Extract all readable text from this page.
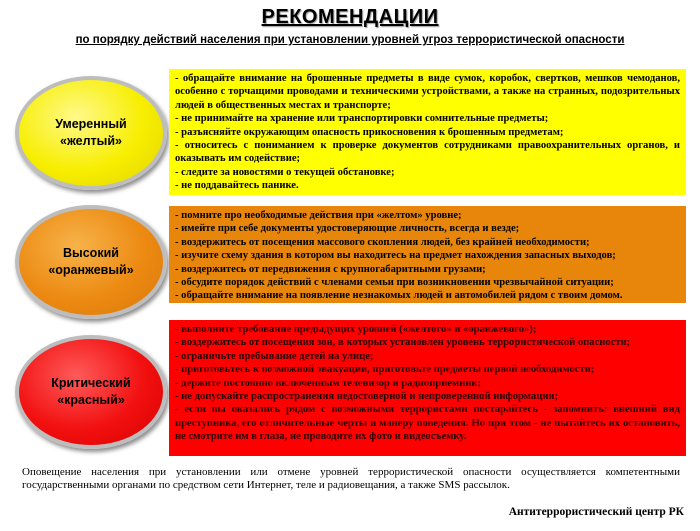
РЕКОМЕНДАЦИИ
по порядку действий населения при установлении уровней угроз террористической опасности
Умеренный
«желтый»
- обращайте внимание на брошенные предметы в виде сумок, коробок, свертков, мешков чемоданов, особенно с торчащими проводами и техническими устройствами, а также на странных, подозрительных людей в общественных местах и транспорте;
- не принимайте на хранение или транспортировки сомнительные предметы;
- разъясняйте окружающим опасность прикосновения к брошенным предметам;
- относитесь с пониманием к проверке документов сотрудниками правоохранительных органов, и оказывать им содействие;
- следите за новостями о текущей обстановке;
- не поддавайтесь панике.
Высокий
«оранжевый»
- помните про необходимые действия при «желтом» уровне;
- имейте при себе документы удостоверяющие личность, всегда и везде;
- воздержитесь от посещения массового скопления людей, без крайней необходимости;
- изучите схему здания в котором вы находитесь на предмет нахождения запасных выходов;
- воздержитесь от передвижения с крупногабаритными грузами;
- обсудите порядок действий с членами семьи при возникновении чрезвычайной ситуации;
- обращайте внимание на появление незнакомых людей и автомобилей рядом с твоим домом.
Критический
«красный»
- выполните требование предыдущих уровней («желтого» и «оранжевого»);
- воздержитесь от посещения зон, в которых установлен уровень террористической опасности;
- ограничьте пребывание детей на улице;
- приготовьтесь к возможной эвакуации, приготовьте предметы первой необходимости;
- держите постоянно включенным телевизор и радиоприемник;
- не допускайте распространения недостоверной и непроверенной информации;
- если вы оказались рядом с возможными террористами постарайтесь - запомнить: внешний вид преступника, его отличительные черты и манеру поведения. Но при этом - не пытайтесь их остановить, не смотрите им в глаза, не проводите их фото и видеосъемку.
Оповещение населения при установлении или отмене уровней террористической опасности осуществляется компетентными государственными органами по средством сети Интернет, теле и радиовещания, а также SMS рассылок.
Антитеррористический центр РК
